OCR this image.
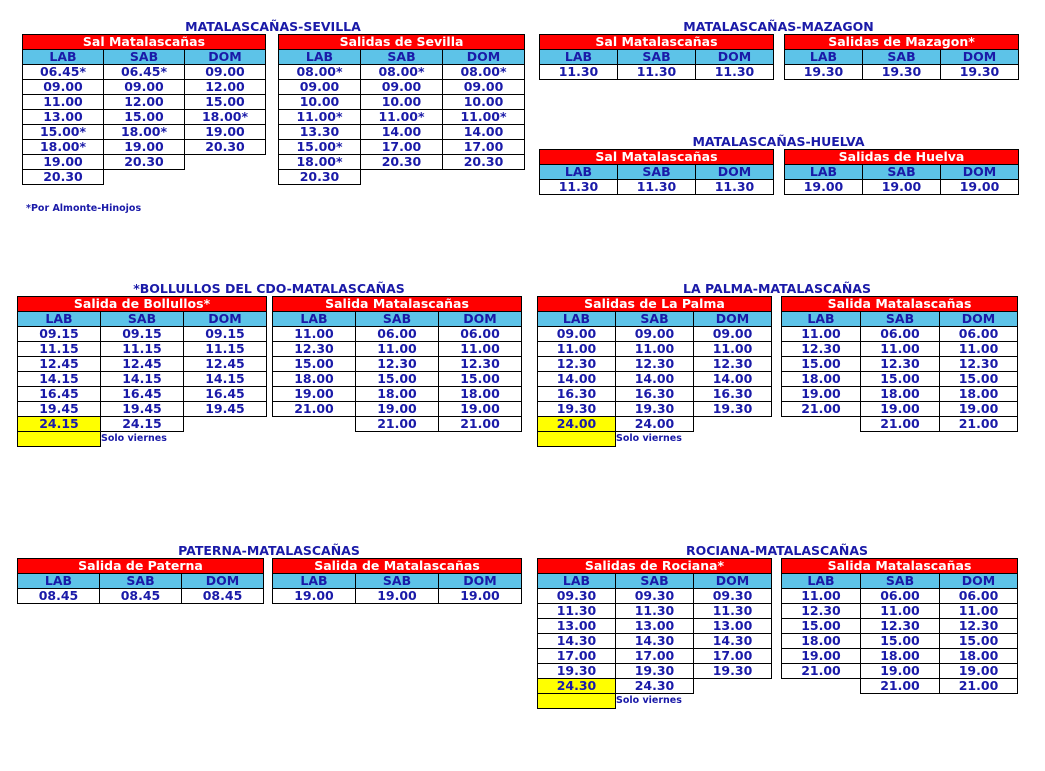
MATALASCAÑAS-SEVILLA
Sal Matalascañas		
LAB	SAB	DOM
06.45*	06.45*	09.00
09.00	09.00	12.00
11.00	12.00	15.00
13.00	15.00	18.00*
15.00*	18.00*	19.00
18.00*	19.00	20.30
19.00	20.30	
20.30		
Salidas de Sevilla		
LAB	SAB	DOM
08.00*	08.00*	08.00*
09.00	09.00	09.00
10.00	10.00	10.00
11.00*	11.00*	11.00*
13.30	14.00	14.00
15.00*	17.00	17.00
18.00*	20.30	20.30
20.30		
*Por Almonte-Hinojos
MATALASCAÑAS-MAZAGON
Sal Matalascañas		
LAB	SAB	DOM
11.30	11.30	11.30
Salidas de Mazagon*		
LAB	SAB	DOM
19.30	19.30	19.30
MATALASCAÑAS-HUELVA
Sal Matalascañas		
LAB	SAB	DOM
11.30	11.30	11.30
Salidas de Huelva		
LAB	SAB	DOM
19.00	19.00	19.00
*BOLLULLOS DEL CDO-MATALASCAÑAS
Salida de Bollullos*		
LAB	SAB	DOM
09.15	09.15	09.15
11.15	11.15	11.15
12.45	12.45	12.45
14.15	14.15	14.15
16.45	16.45	16.45
19.45	19.45	19.45
24.15	24.15	
	Solo viernes	
Salida Matalascañas		
LAB	SAB	DOM
11.00	06.00	06.00
12.30	11.00	11.00
15.00	12.30	12.30
18.00	15.00	15.00
19.00	18.00	18.00
21.00	19.00	19.00
	21.00	21.00
LA PALMA-MATALASCAÑAS
Salidas de La Palma		
LAB	SAB	DOM
09.00	09.00	09.00
11.00	11.00	11.00
12.30	12.30	12.30
14.00	14.00	14.00
16.30	16.30	16.30
19.30	19.30	19.30
24.00	24.00	
	Solo viernes	
Salida Matalascañas		
LAB	SAB	DOM
11.00	06.00	06.00
12.30	11.00	11.00
15.00	12.30	12.30
18.00	15.00	15.00
19.00	18.00	18.00
21.00	19.00	19.00
	21.00	21.00
PATERNA-MATALASCAÑAS
Salida de Paterna		
LAB	SAB	DOM
08.45	08.45	08.45
Salida de Matalascañas		
LAB	SAB	DOM
19.00	19.00	19.00
ROCIANA-MATALASCAÑAS
Salidas de Rociana*		
LAB	SAB	DOM
09.30	09.30	09.30
11.30	11.30	11.30
13.00	13.00	13.00
14.30	14.30	14.30
17.00	17.00	17.00
19.30	19.30	19.30
24.30	24.30	
	Solo viernes	
Salida Matalascañas		
LAB	SAB	DOM
11.00	06.00	06.00
12.30	11.00	11.00
15.00	12.30	12.30
18.00	15.00	15.00
19.00	18.00	18.00
21.00	19.00	19.00
	21.00	21.00
